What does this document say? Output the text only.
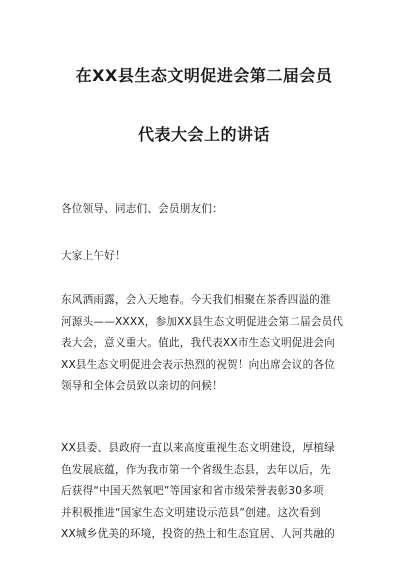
在XX县生态文明促进会第二届会员
代表大会上的讲话
各位领导、同志们、会员朋友们：
大家上午好！
东风洒雨露，会入天地春。今天我们相聚在茶香四溢的淮
河源头——XXXX，参加XX县生态文明促进会第二届会员代
表大会，意义重大。值此，我代表XX市生态文明促进会向
XX县生态文明促进会表示热烈的祝贺！向出席会议的各位
领导和全体会员致以亲切的问候！
XX县委、县政府一直以来高度重视生态文明建设，厚植绿
色发展底蕴，作为我市第一个省级生态县，去年以后，先
后获得“中国天然氧吧”等国家和省市级荣誉表彰30多项
并积极推进“国家生态文明建设示范县”创建。这次看到
XX城乡优美的环境，投资的热土和生态宜居、人河共融的
